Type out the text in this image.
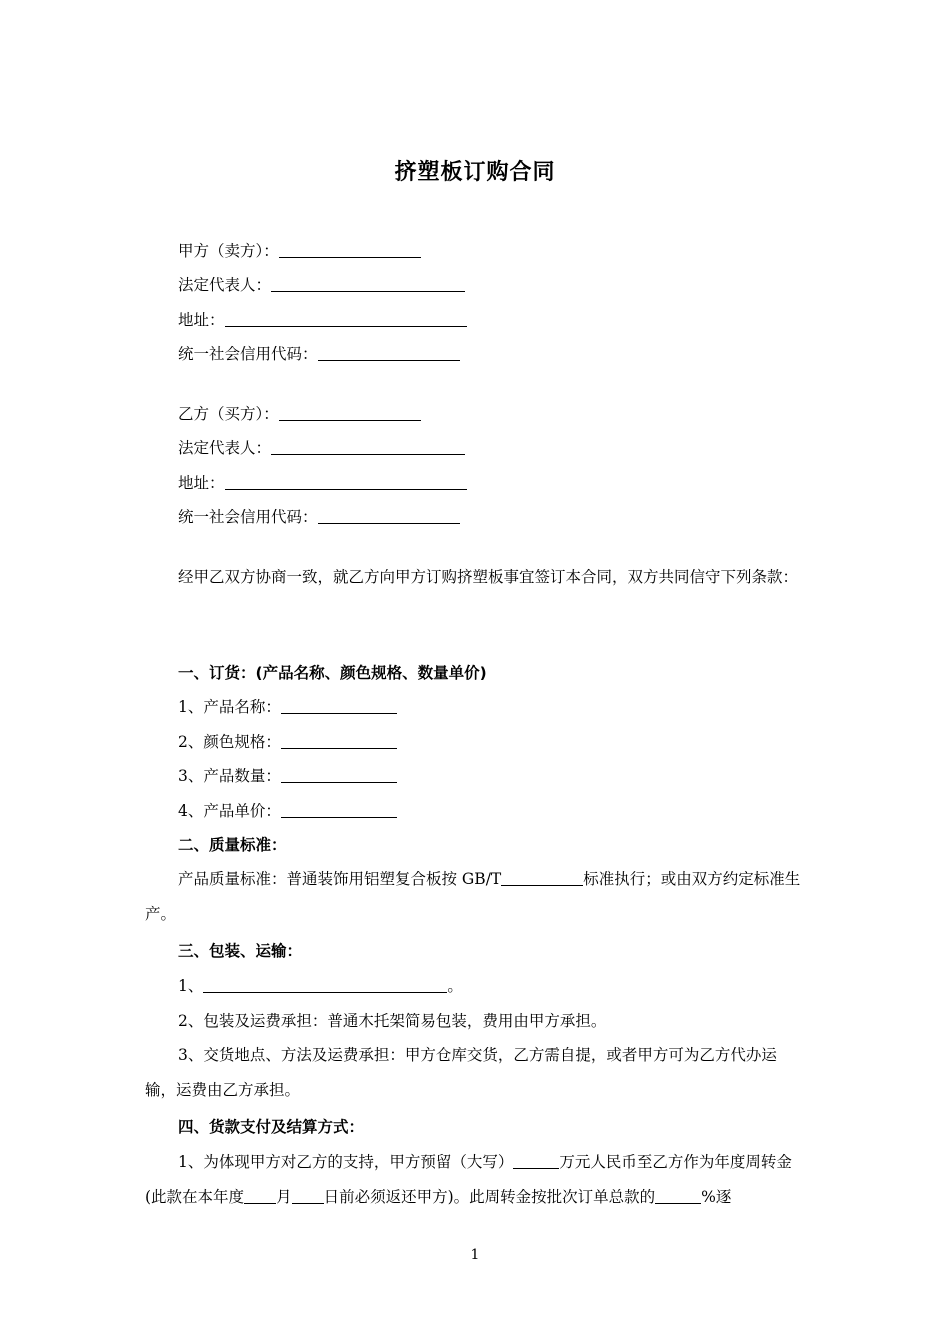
挤塑板订购合同
甲方（卖方）：
法定代表人：
地址：
统一社会信用代码：
乙方（买方）：
法定代表人：
地址：
统一社会信用代码：
经甲乙双方协商一致，就乙方向甲方订购挤塑板事宜签订本合同，双方共同信守下列条款：
一、订货：(产品名称、颜色规格、数量单价)
1、产品名称：
2、颜色规格：
3、产品数量：
4、产品单价：
二、质量标准：
产品质量标准：普通装饰用铝塑复合板按 GB/T	标准执行；或由双方约定标准生产。
三、包装、运输：
1、	。
2、包装及运费承担：普通木托架简易包装，费用由甲方承担。
3、交货地点、方法及运费承担：甲方仓库交货，乙方需自提，或者甲方可为乙方代办运输，运费由乙方承担。
四、货款支付及结算方式：
1、为体现甲方对乙方的支持，甲方预留（大写）	万元人民币至乙方作为年度周转金(此款在本年度 月 日前必须返还甲方)。此周转金按批次订单总款的	%逐
1
